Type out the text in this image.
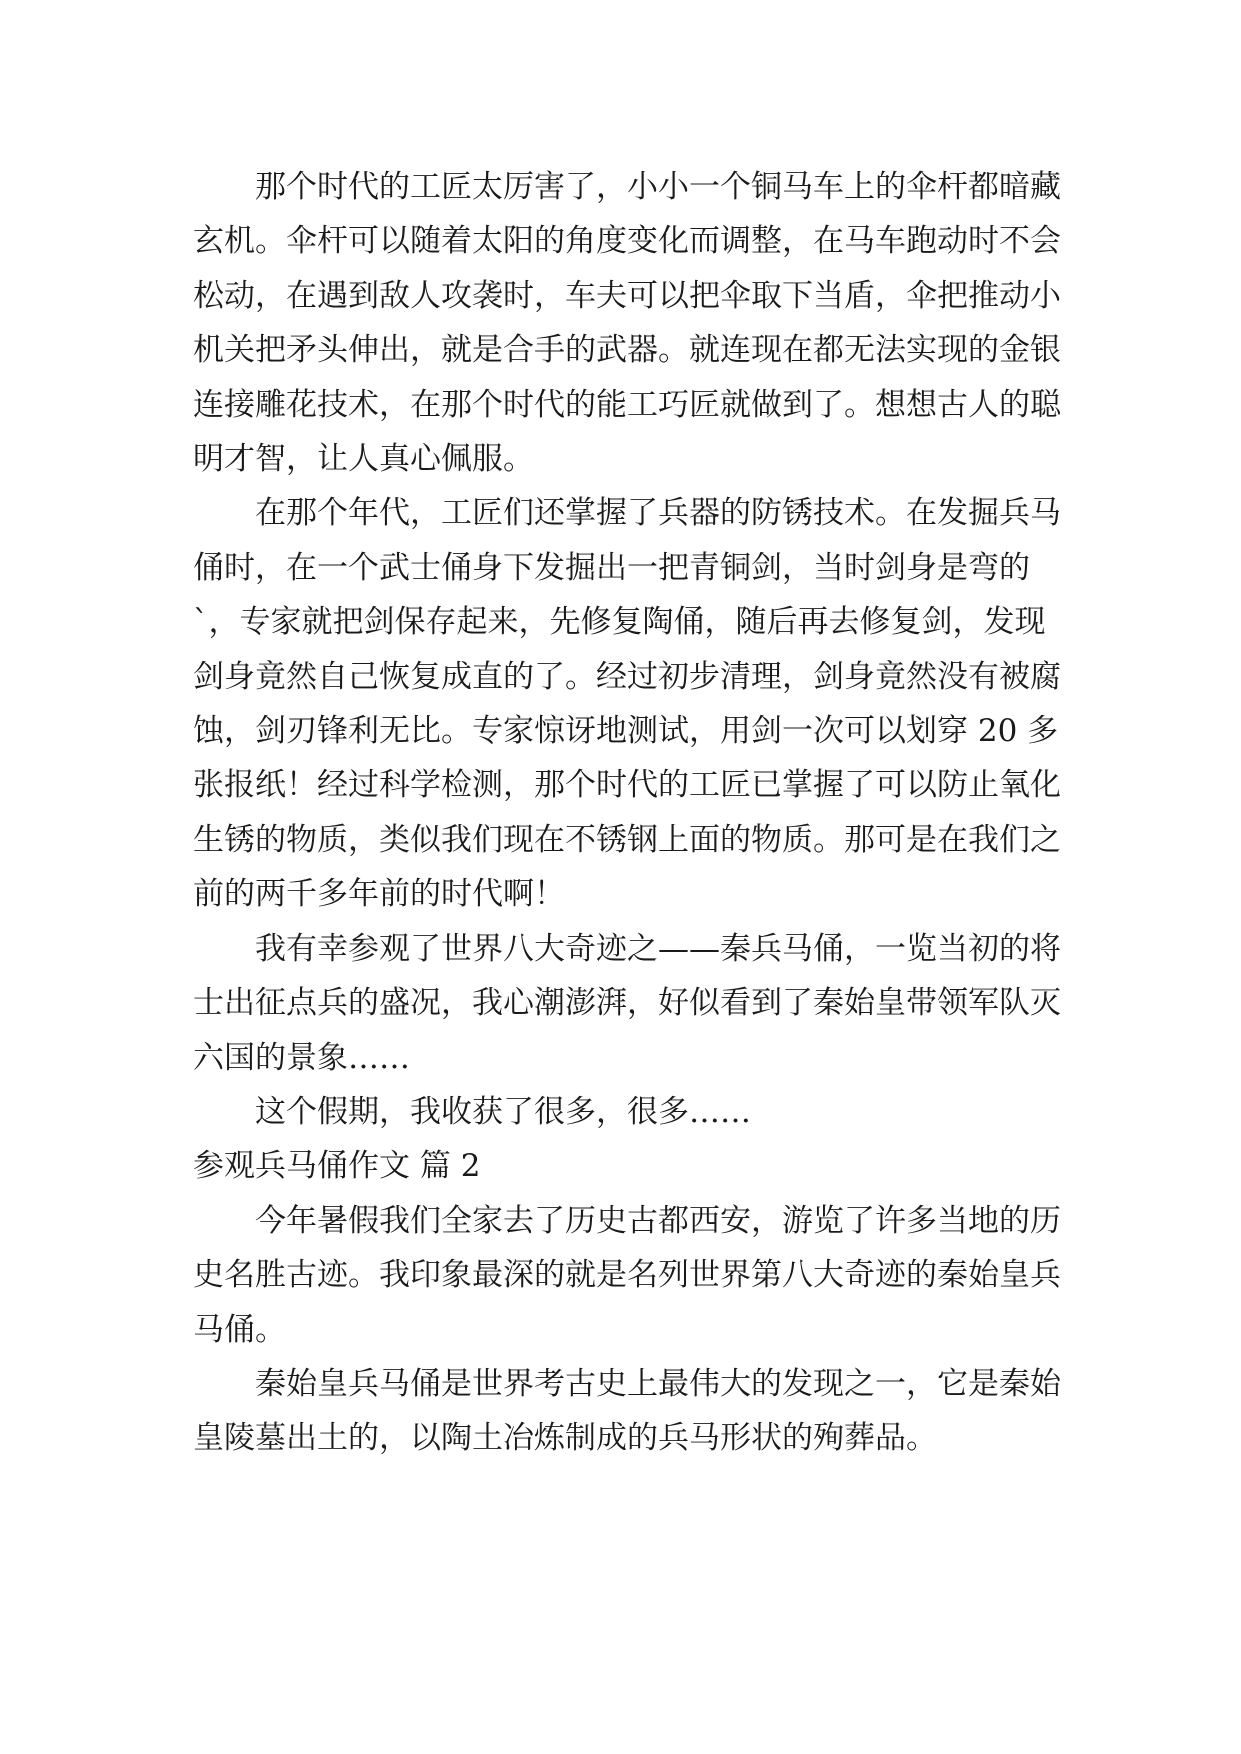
那个时代的工匠太厉害了，小小一个铜马车上的伞杆都暗藏玄机。伞杆可以随着太阳的角度变化而调整，在马车跑动时不会松动，在遇到敌人攻袭时，车夫可以把伞取下当盾，伞把推动小机关把矛头伸出，就是合手的武器。就连现在都无法实现的金银连接雕花技术，在那个时代的能工巧匠就做到了。想想古人的聪明才智，让人真心佩服。

在那个年代，工匠们还掌握了兵器的防锈技术。在发掘兵马俑时，在一个武士俑身下发掘出一把青铜剑，当时剑身是弯的`，专家就把剑保存起来，先修复陶俑，随后再去修复剑，发现剑身竟然自己恢复成直的了。经过初步清理，剑身竟然没有被腐蚀，剑刃锋利无比。专家惊讶地测试，用剑一次可以划穿 20 多张报纸！经过科学检测，那个时代的工匠已掌握了可以防止氧化生锈的物质，类似我们现在不锈钢上面的物质。那可是在我们之前的两千多年前的时代啊！

我有幸参观了世界八大奇迹之——秦兵马俑，一览当初的将士出征点兵的盛况，我心潮澎湃，好似看到了秦始皇带领军队灭六国的景象……

这个假期，我收获了很多，很多……

参观兵马俑作文 篇 2

今年暑假我们全家去了历史古都西安，游览了许多当地的历史名胜古迹。我印象最深的就是名列世界第八大奇迹的秦始皇兵马俑。

秦始皇兵马俑是世界考古史上最伟大的发现之一，它是秦始皇陵墓出土的，以陶土冶炼制成的兵马形状的殉葬品。
